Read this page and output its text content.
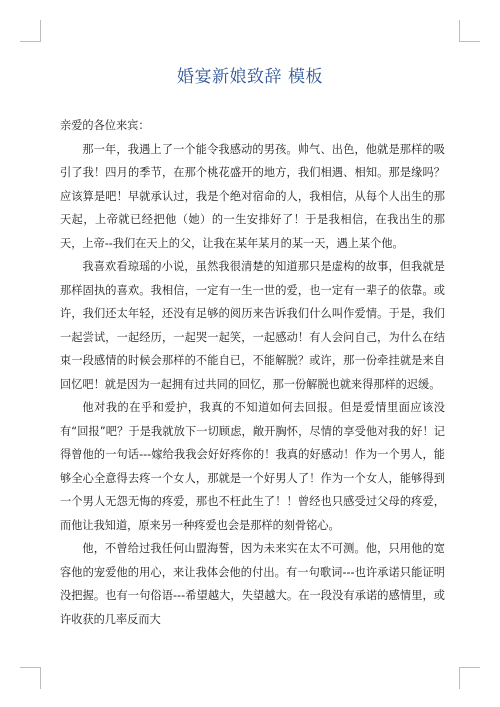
婚宴新娘致辞 模板

亲爱的各位来宾：

那一年，我遇上了一个能令我感动的男孩。帅气、出色，他就是那样的吸引了我！四月的季节，在那个桃花盛开的地方，我们相遇、相知。那是缘吗？应该算是吧！早就承认过，我是个绝对宿命的人，我相信，从每个人出生的那天起，上帝就已经把他（她）的一生安排好了！于是我相信，在我出生的那天，上帝--我们在天上的父，让我在某年某月的某一天，遇上某个他。

我喜欢看琼瑶的小说，虽然我很清楚的知道那只是虚构的故事，但我就是那样固执的喜欢。我相信，一定有一生一世的爱，也一定有一辈子的依靠。或许，我们还太年轻，还没有足够的阅历来告诉我们什么叫作爱情。于是，我们一起尝试，一起经历，一起哭一起笑，一起感动！有人会问自己，为什么在结束一段感情的时候会那样的不能自已，不能解脱？或许，那一份牵挂就是来自回忆吧！就是因为一起拥有过共同的回忆，那一份解脱也就来得那样的迟缓。

他对我的在乎和爱护，我真的不知道如何去回报。但是爱情里面应该没有“回报”吧？于是我就放下一切顾虑，敞开胸怀，尽情的享受他对我的好！记得曾他的一句话---嫁给我我会好好疼你的！我真的好感动！作为一个男人，能够全心全意得去疼一个女人，那就是一个好男人了！作为一个女人，能够得到一个男人无怨无悔的疼爱，那也不枉此生了！！曾经也只感受过父母的疼爱，而他让我知道，原来另一种疼爱也会是那样的刻骨铭心。

他，不曾给过我任何山盟海誓，因为未来实在太不可测。他，只用他的宽容他的宠爱他的用心，来让我体会他的付出。有一句歌词---也许承诺只能证明没把握。也有一句俗语---希望越大，失望越大。在一段没有承诺的感情里，或许收获的几率反而大
